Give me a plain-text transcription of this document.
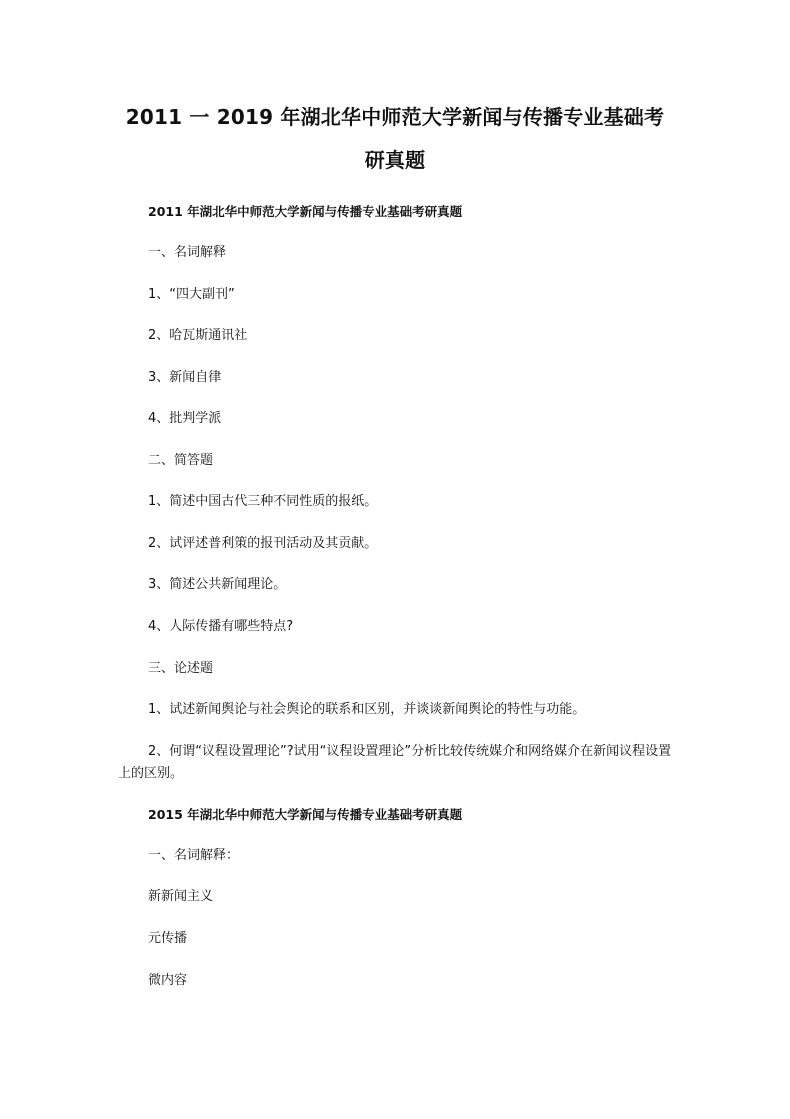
2011 一 2019 年湖北华中师范大学新闻与传播专业基础考
研真题
2011 年湖北华中师范大学新闻与传播专业基础考研真题
一、名词解释
1、“四大副刊”
2、哈瓦斯通讯社
3、新闻自律
4、批判学派
二、简答题
1、简述中国古代三种不同性质的报纸。
2、试评述普利策的报刊活动及其贡献。
3、简述公共新闻理论。
4、人际传播有哪些特点?
三、论述题
1、试述新闻舆论与社会舆论的联系和区别，并谈谈新闻舆论的特性与功能。
2、何谓“议程设置理论”?试用“议程设置理论”分析比较传统媒介和网络媒介在新闻议程设置上的区别。
2015 年湖北华中师范大学新闻与传播专业基础考研真题
一、名词解释：
新新闻主义
元传播
微内容
